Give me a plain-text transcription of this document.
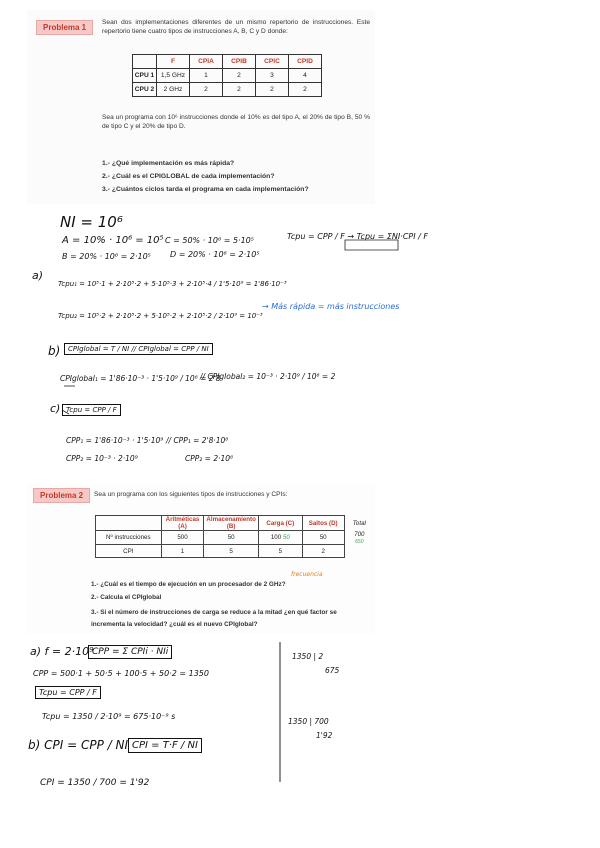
Problema 1
Sean dos implementaciones diferentes de un mismo repertorio de instrucciones. Este repertorio tiene cuatro tipos de instrucciones A, B, C y D donde:
	F	CPIA	CPIB	CPIC	CPID
CPU 1	1,5 GHz	1	2	3	4
CPU 2	2 GHz	2	2	2	2
Sea un programa con 10⁶ instrucciones donde el 10% es del tipo A, el 20% de tipo B, 50 % de tipo C y el 20% de tipo D.
1.- ¿Qué implementación es más rápida?
2.- ¿Cuál es el CPIGLOBAL de cada implementación?
3.- ¿Cuántos ciclos tarda el programa en cada implementación?
NI = 10⁶
A = 10% · 10⁶ = 10⁵ C = 50% · 10⁶ = 5·10⁵
B = 20% · 10⁶ = 2·10⁵ D = 20% · 10⁶ = 2·10⁵
Tcpu = CPP / F → Tcpu = ΣNI·CPI / F
a)
Tcpu₁ = 10⁵·1 + 2·10⁵·2 + 5·10⁵·3 + 2·10⁵·4 / 1'5·10⁹ = 1'86·10⁻³
Tcpu₂ = 10⁵·2 + 2·10⁵·2 + 5·10⁵·2 + 2·10⁵·2 / 2·10⁹ = 10⁻³
→ Más rápida = más instrucciones
b)	CPIglobal = T / NI // CPIglobal = CPP / NI
CPIglobal₁ = 1'86·10⁻³ · 1'5·10⁹ / 10⁶ = 2'8
// CPIglobal₂ = 10⁻³ · 2·10⁹ / 10⁶ = 2
c) Tcpu = CPP / F
CPP₁ = 1'86·10⁻³ · 1'5·10⁹ // CPP₁ = 2'8·10⁶
CPP₂ = 10⁻³ · 2·10⁹	CPP₂ = 2·10⁶
Problema 2	Sea un programa con los siguientes tipos de instrucciones y CPIs:
	Aritméticas (A)	Almacenamiento (B)	Carga (C)	Saltos (D)	Total
Nº instrucciones	500	50	100 50	50	700
650
CPI	1	5	5	2	
frecuencia
1.- ¿Cuál es el tiempo de ejecución en un procesador de 2 GHz?
2.- Calcula el CPIglobal
3.- Si el número de instrucciones de carga se reduce a la mitad ¿en qué factor se incrementa la velocidad? ¿cuál es el nuevo CPIglobal?
a) f = 2·10⁹
CPP = Σ CPIi · NIi
CPP = 500·1 + 50·5 + 100·5 + 50·2 = 1350
Tcpu = CPP / F
Tcpu = 1350 / 2·10⁹ = 675·10⁻⁹ s
b) CPI = CPP / NI CPI = T·F / NI
CPI = 1350 / 700 = 1'92
1350 | 2
675
1350 | 700
1'92
